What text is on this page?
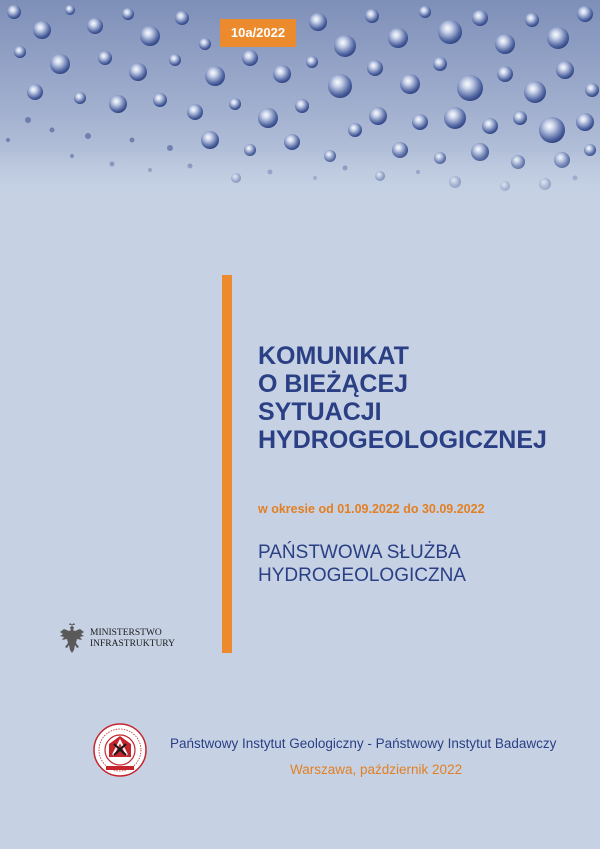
10a/2022
KOMUNIKAT
O BIEŻĄCEJ
SYTUACJI
HYDROGEOLOGICZNEJ
w okresie od 01.09.2022 do 30.09.2022
PAŃSTWOWA SŁUŻBA
HYDROGEOLOGICZNA
MINISTERSTWO
INFRASTRUKTURY
Państwowy Instytut Geologiczny - Państwowy Instytut Badawczy
Warszawa, październik 2022
